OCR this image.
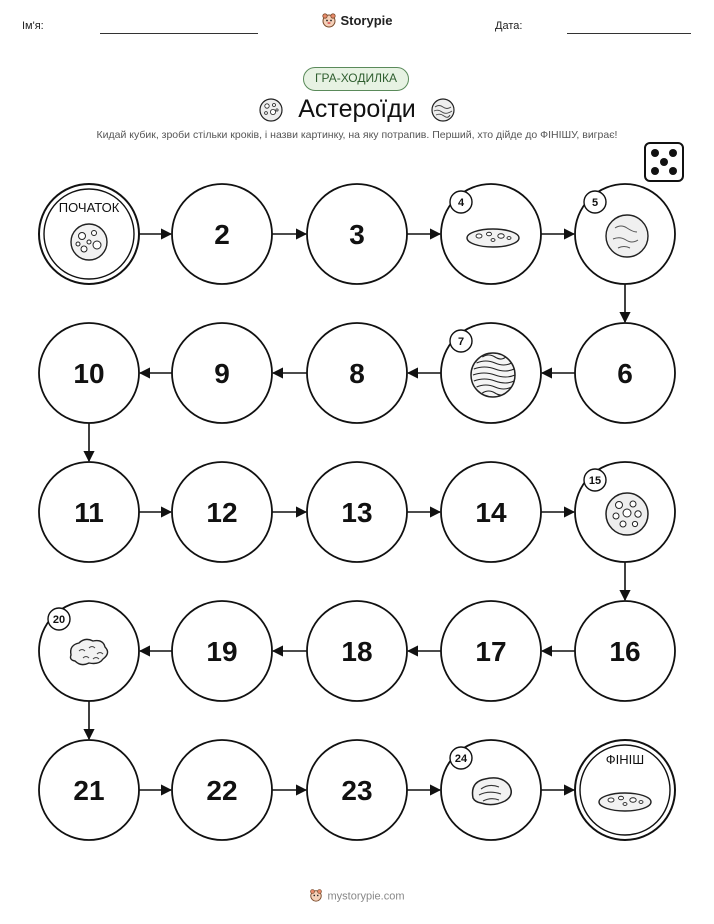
Ім'я:	Storypie	Дата:
ГРА-ХОДИЛКА
Астероїди
Кидай кубик, зроби стільки кроків, і назви картинку, на яку потрапив. Перший, хто дійде до ФІНІШУ, виграє!
ПОЧАТОК
2	3
4	5
6
7
8
9
10
11	12	13	14
15
16
17
18
19
20
21	22	23
24	ФІНІШ
mystorypie.com
